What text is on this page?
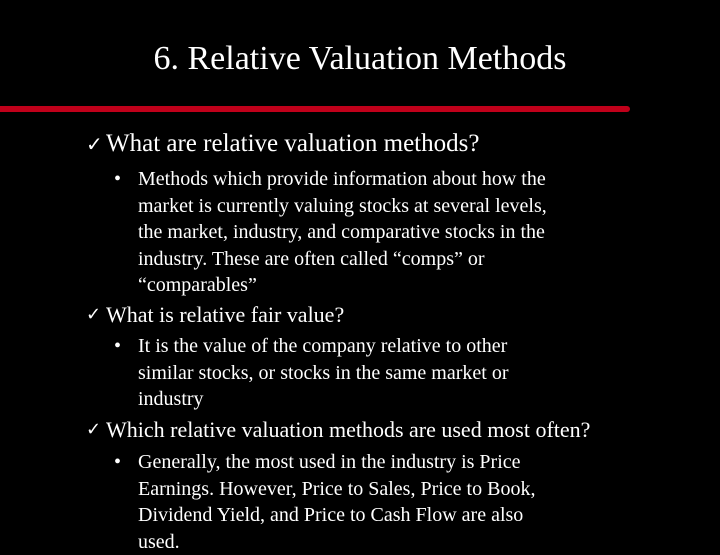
6. Relative Valuation Methods
✓ What are relative valuation methods?
• Methods which provide information about how the
market is currently valuing stocks at several levels,
the market, industry, and comparative stocks in the
industry. These are often called “comps” or
“comparables”
✓ What is relative fair value?
• It is the value of the company relative to other
similar stocks, or stocks in the same market or
industry
✓ Which relative valuation methods are used most often?
• Generally, the most used in the industry is Price
Earnings. However, Price to Sales, Price to Book,
Dividend Yield, and Price to Cash Flow are also
used.
